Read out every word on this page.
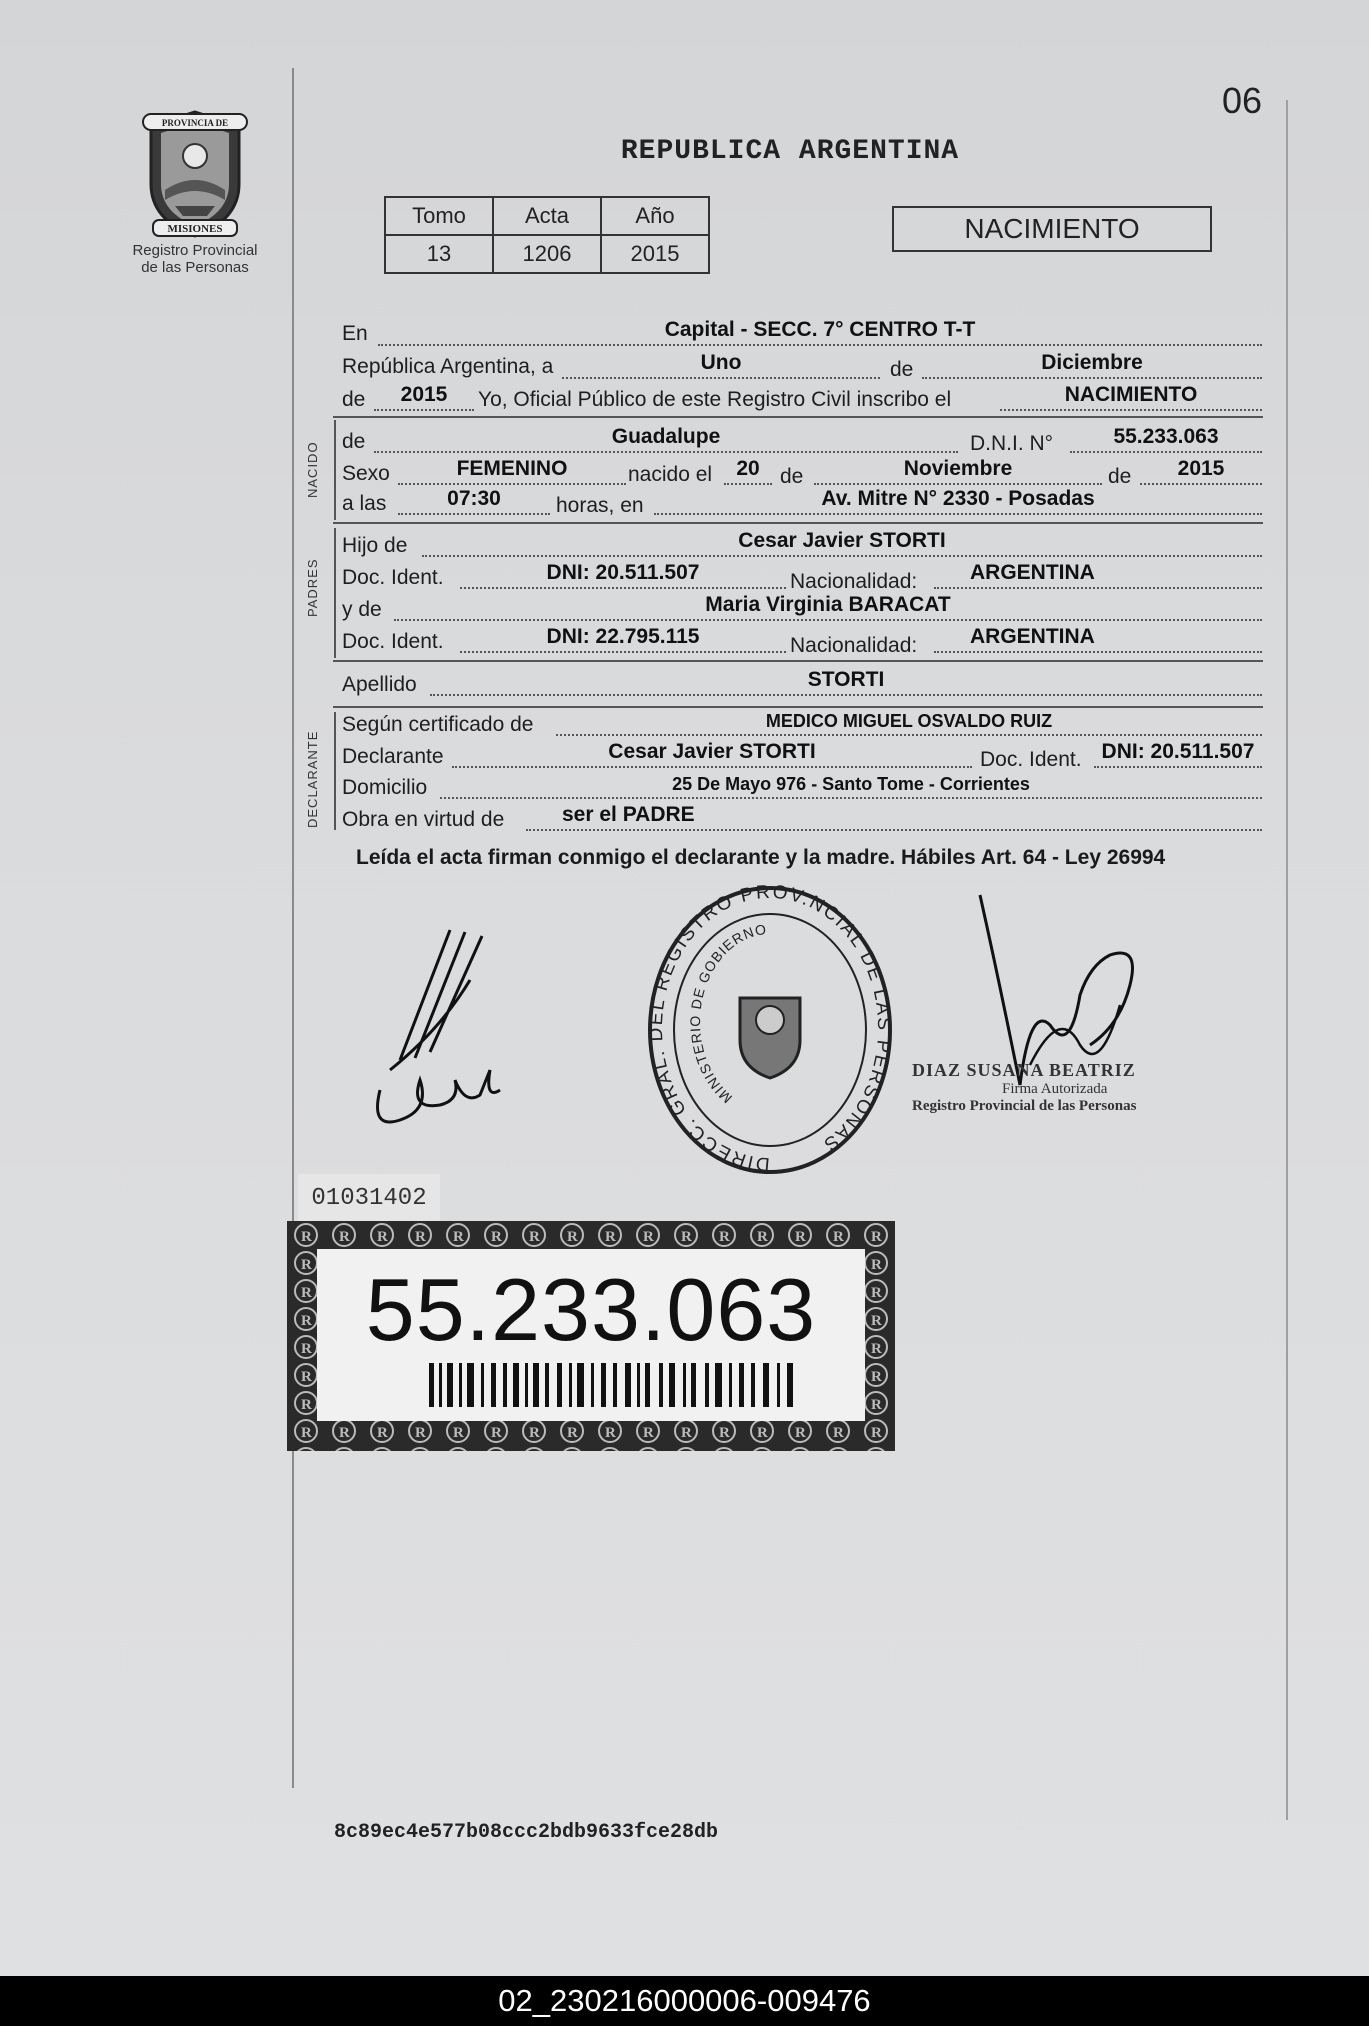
PROVINCIA DE
MISIONES
Registro Provincial
de las Personas
06
REPUBLICA ARGENTINA
Tomo	Acta	Año
13	1206	2015
NACIMIENTO
En	Capital - SECC. 7° CENTRO T-T
República Argentina, a	Uno	de	Diciembre
de	2015	Yo, Oficial Público de este Registro Civil inscribo el	NACIMIENTO
NACIDO de	Guadalupe	D.N.I. N°	55.233.063
Sexo	FEMENINO	nacido el	20 de	Noviembre	de	2015
a las	07:30	horas, en	Av. Mitre N° 2330 - Posadas
PADRES
Hijo de	Cesar Javier STORTI
Doc. Ident.	DNI: 20.511.507	Nacionalidad:	ARGENTINA
y de	Maria Virginia BARACAT
Doc. Ident.	DNI: 22.795.115	Nacionalidad:	ARGENTINA
Apellido	STORTI
DECLARANTE
Según certificado de	MEDICO MIGUEL OSVALDO RUIZ
Declarante	Cesar Javier STORTI	Doc. Ident. DNI: 20.511.507
Domicilio	25 De Mayo 976 - Santo Tome - Corrientes
Obra en virtud de	ser el PADRE
Leída el acta firman conmigo el declarante y la madre. Hábiles Art. 64 - Ley 26994
DIRECC. GRAL. DEL REGISTRO PROV.NCIAL DE LAS PERSONAS
MINISTERIO DE GOBIERNO
DIAZ SUSANA BEATRIZ
Firma Autorizada
Registro Provincial de las Personas
01031402
55.233.063
8c89ec4e577b08ccc2bdb9633fce28db
02_230216000006-009476
